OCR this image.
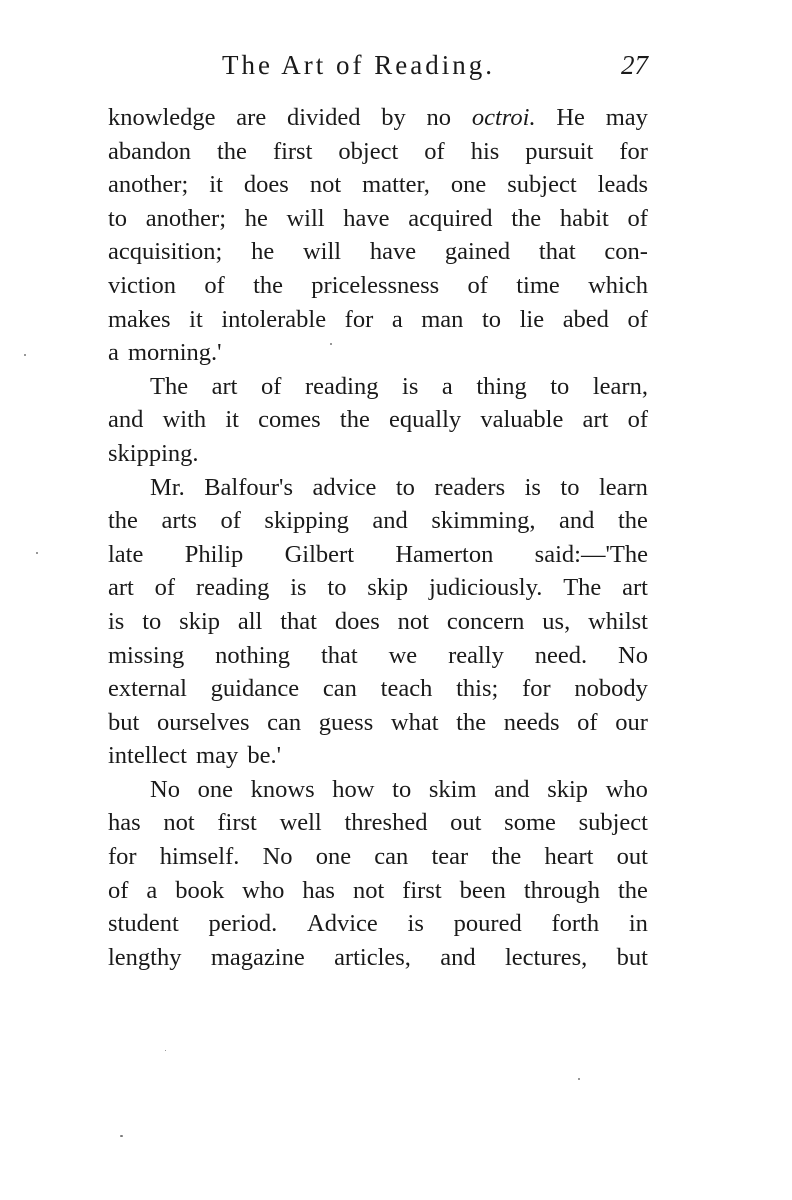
The Art of Reading.	27
knowledge are divided by no octroi. He may
abandon the first object of his pursuit for
another; it does not matter, one subject leads
to another; he will have acquired the habit of
acquisition; he will have gained that con-
viction of the pricelessness of time which
makes it intolerable for a man to lie abed of
a
morning.'
The art of reading is a thing to learn,
and with it comes the equally valuable art of
skipping.
Mr. Balfour's advice to readers is to learn
the arts of skipping and skimming, and the
late Philip Gilbert Hamerton said:—'The
art of reading is to skip judiciously. The art
is to skip all that does not concern us, whilst
missing nothing that we really need. No
external guidance can teach this; for nobody
but ourselves can guess what the needs of our
intellect
may
be.'
No one knows how to skim and skip who
has not first well threshed out some subject
for himself. No one can tear the heart out
of a book who has not first been through the
student period. Advice is poured forth in
lengthy magazine articles, and lectures, but
